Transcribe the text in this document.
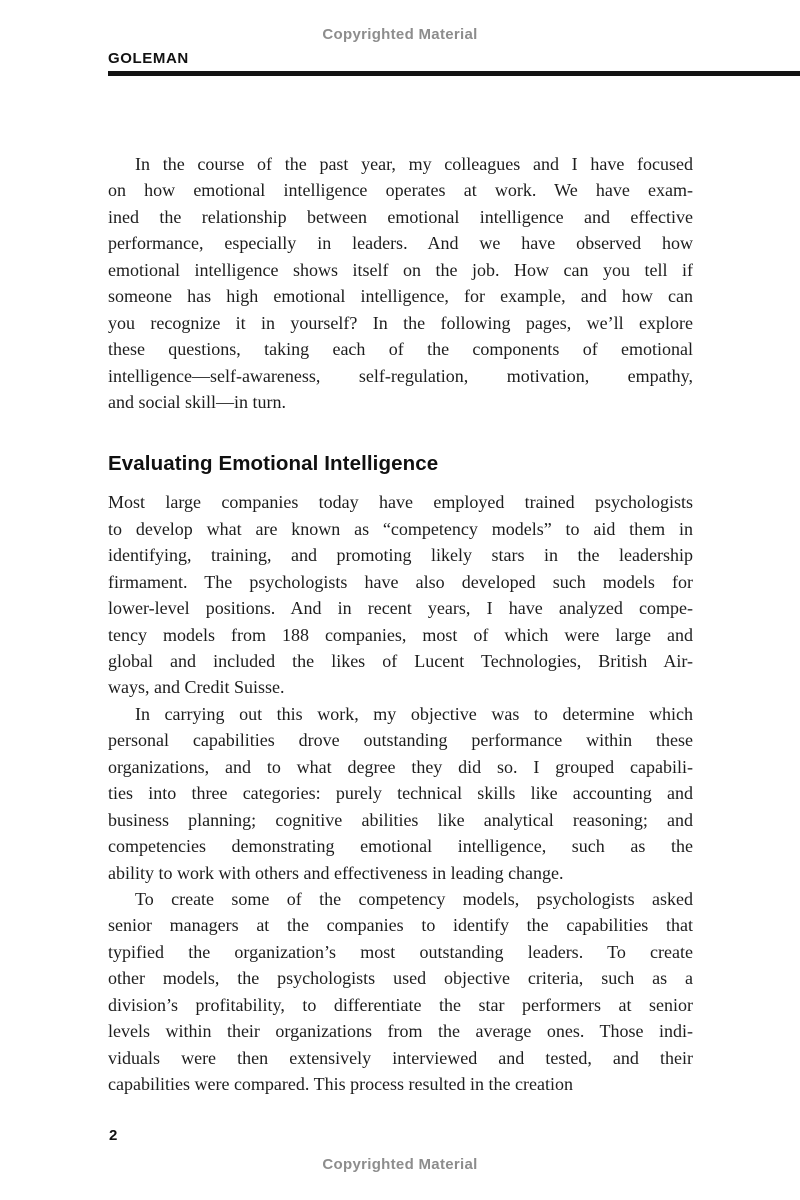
Copyrighted Material
GOLEMAN
In the course of the past year, my colleagues and I have focused
on how emotional intelligence operates at work. We have exam-
ined the relationship between emotional intelligence and effective
performance, especially in leaders. And we have observed how
emotional intelligence shows itself on the job. How can you tell if
someone has high emotional intelligence, for example, and how can
you recognize it in yourself? In the following pages, we’ll explore
these questions, taking each of the components of emotional
intelligence—self-awareness, self-regulation, motivation, empathy,
and social skill—in turn.
Evaluating Emotional Intelligence
Most large companies today have employed trained psychologists
to develop what are known as “competency models” to aid them in
identifying, training, and promoting likely stars in the leadership
firmament. The psychologists have also developed such models for
lower-level positions. And in recent years, I have analyzed compe-
tency models from 188 companies, most of which were large and
global and included the likes of Lucent Technologies, British Air-
ways, and Credit Suisse.
In carrying out this work, my objective was to determine which
personal capabilities drove outstanding performance within these
organizations, and to what degree they did so. I grouped capabili-
ties into three categories: purely technical skills like accounting and
business planning; cognitive abilities like analytical reasoning; and
competencies demonstrating emotional intelligence, such as the
ability to work with others and effectiveness in leading change.
To create some of the competency models, psychologists asked
senior managers at the companies to identify the capabilities that
typified the organization’s most outstanding leaders. To create
other models, the psychologists used objective criteria, such as a
division’s profitability, to differentiate the star performers at senior
levels within their organizations from the average ones. Those indi-
viduals were then extensively interviewed and tested, and their
capabilities were compared. This process resulted in the creation
2
Copyrighted Material
